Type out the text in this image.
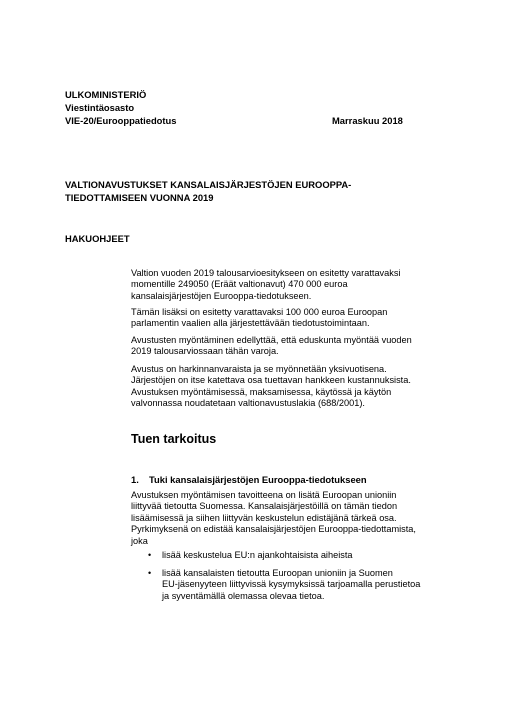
ULKOMINISTERIÖ
Viestintäosasto
VIE-20/Eurooppatiedotus	Marraskuu 2018
VALTIONAVUSTUKSET KANSALAISJÄRJESTÖJEN EUROOPPA-
TIEDOTTAMISEEN VUONNA 2019
HAKUOHJEET
Valtion vuoden 2019 talousarvioesitykseen on esitetty varattavaksi
momentille 249050 (Eräät valtionavut) 470 000 euroa
kansalaisjärjestöjen Eurooppa-tiedotukseen.
Tämän lisäksi on esitetty varattavaksi 100 000 euroa Euroopan
parlamentin vaalien alla järjestettävään tiedotustoimintaan.
Avustusten myöntäminen edellyttää, että eduskunta myöntää vuoden
2019 talousarviossaan tähän varoja.
Avustus on harkinnanvaraista ja se myönnetään yksivuotisena.
Järjestöjen on itse katettava osa tuettavan hankkeen kustannuksista.
Avustuksen myöntämisessä, maksamisessa, käytössä ja käytön
valvonnassa noudatetaan valtionavustuslakia (688/2001).
Tuen tarkoitus
1. Tuki kansalaisjärjestöjen Eurooppa-tiedotukseen
Avustuksen myöntämisen tavoitteena on lisätä Euroopan unioniin
liittyvää tietoutta Suomessa. Kansalaisjärjestöillä on tämän tiedon
lisäämisessä ja siihen liittyvän keskustelun edistäjänä tärkeä osa.
Pyrkimyksenä on edistää kansalaisjärjestöjen Eurooppa-tiedottamista,
joka
• lisää keskustelua EU:n ajankohtaisista aiheista
• lisää kansalaisten tietoutta Euroopan unioniin ja Suomen
EU-jäsenyyteen liittyvissä kysymyksissä tarjoamalla perustietoa
ja syventämällä olemassa olevaa tietoa.
